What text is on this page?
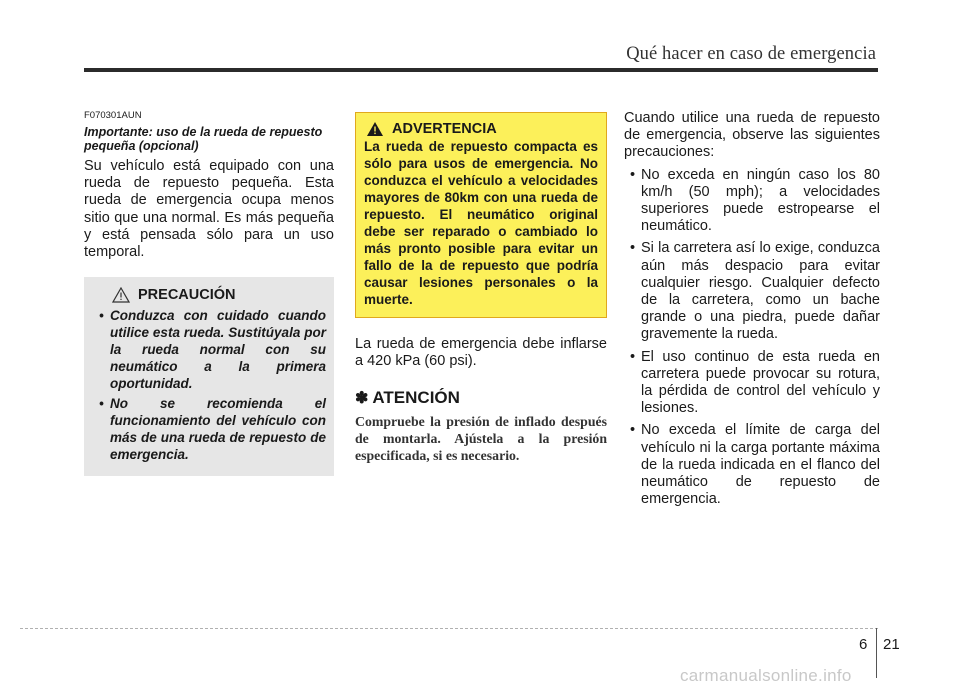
Qué hacer en caso de emergencia

F070301AUN

Importante: uso de la rueda de repuesto pequeña (opcional)

Su vehículo está equipado con una rueda de repuesto pequeña. Esta rueda de emergencia ocupa menos sitio que una normal. Es más pequeña y está pensada sólo para un uso temporal.

PRECAUCIÓN
• Conduzca con cuidado cuando utilice esta rueda. Sustitúyala por la rueda normal con su neumático a la primera oportunidad.
• No se recomienda el funcionamiento del vehículo con más de una rueda de repuesto de emergencia.
ADVERTENCIA

La rueda de repuesto compacta es sólo para usos de emergencia. No conduzca el vehículo a velocidades mayores de 80km con una rueda de repuesto. El neumático original debe ser reparado o cambiado lo más pronto posible para evitar un fallo de la de repuesto que podría causar lesiones personales o la muerte.

La rueda de emergencia debe inflarse a 420 kPa (60 psi).

✽ ATENCIÓN

Compruebe la presión de inflado después de montarla. Ajústela a la presión especificada, si es necesario.

Cuando utilice una rueda de repuesto de emergencia, observe las siguientes precauciones:

• No exceda en ningún caso los 80 km/h (50 mph); a velocidades superiores puede estropearse el neumático.
• Si la carretera así lo exige, conduzca aún más despacio para evitar cualquier riesgo. Cualquier defecto de la carretera, como un bache grande o una piedra, puede dañar gravemente la rueda.
• El uso continuo de esta rueda en carretera puede provocar su rotura, la pérdida de control del vehículo y lesiones.
• No exceda el límite de carga del vehículo ni la carga portante máxima de la rueda indicada en el flanco del neumático de repuesto de emergencia.
6 21
carmanualsonline.info
